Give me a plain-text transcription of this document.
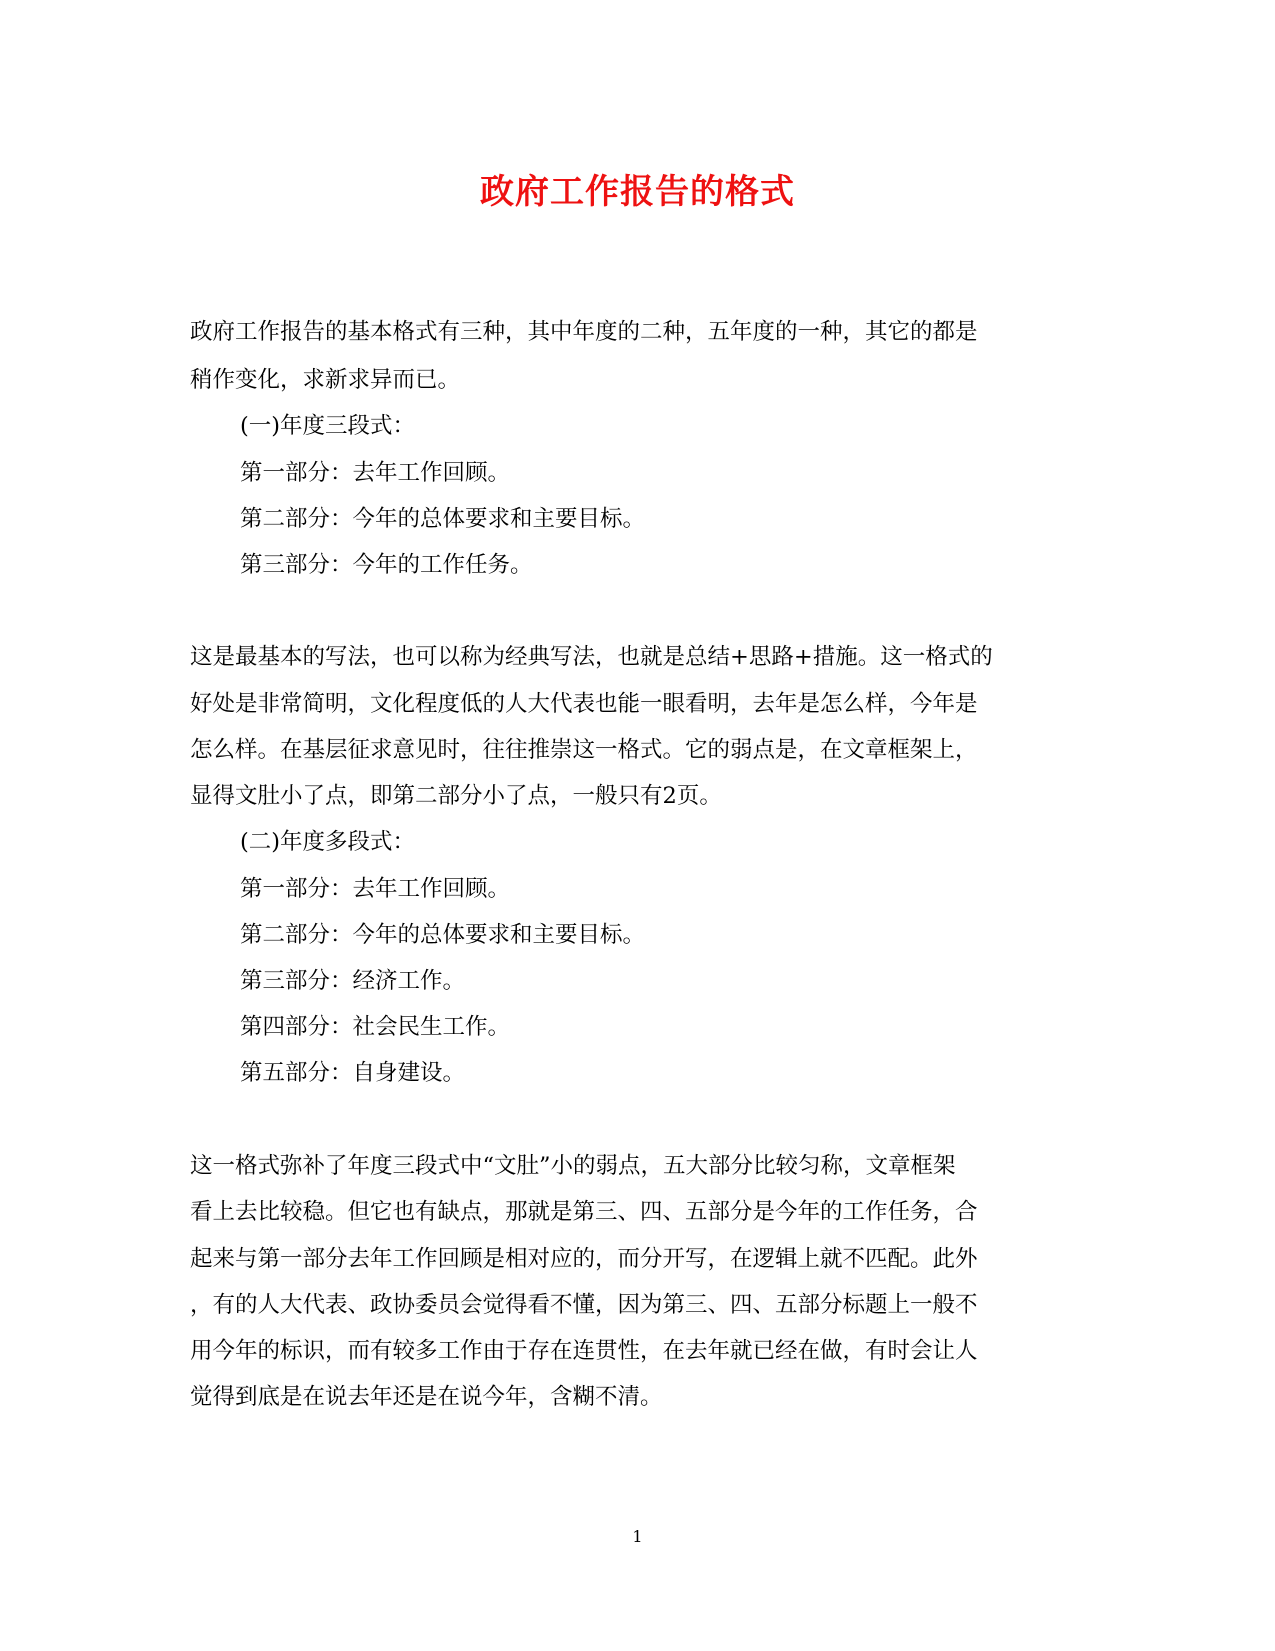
政府工作报告的格式
政府工作报告的基本格式有三种，其中年度的二种，五年度的一种，其它的都是
稍作变化，求新求异而已。
(一)年度三段式：
第一部分：去年工作回顾。
第二部分：今年的总体要求和主要目标。
第三部分：今年的工作任务。
这是最基本的写法，也可以称为经典写法，也就是总结+思路+措施。这一格式的
好处是非常简明，文化程度低的人大代表也能一眼看明，去年是怎么样，今年是
怎么样。在基层征求意见时，往往推崇这一格式。它的弱点是，在文章框架上，
显得文肚小了点，即第二部分小了点，一般只有2页。
(二)年度多段式：
第一部分：去年工作回顾。
第二部分：今年的总体要求和主要目标。
第三部分：经济工作。
第四部分：社会民生工作。
第五部分：自身建设。
这一格式弥补了年度三段式中“文肚”小的弱点，五大部分比较匀称，文章框架
看上去比较稳。但它也有缺点，那就是第三、四、五部分是今年的工作任务，合
起来与第一部分去年工作回顾是相对应的，而分开写，在逻辑上就不匹配。此外
，有的人大代表、政协委员会觉得看不懂，因为第三、四、五部分标题上一般不
用今年的标识，而有较多工作由于存在连贯性，在去年就已经在做，有时会让人
觉得到底是在说去年还是在说今年，含糊不清。
1
